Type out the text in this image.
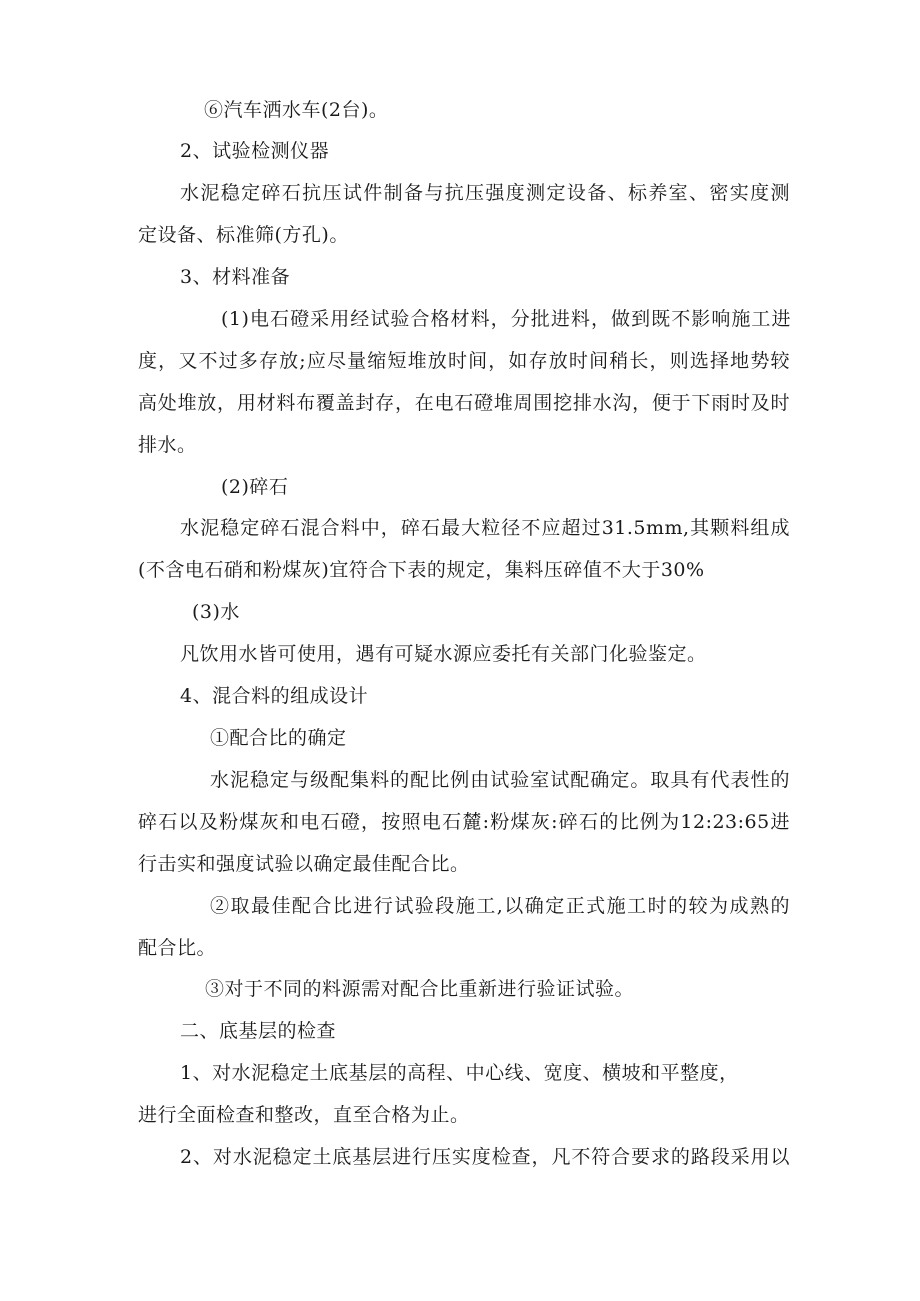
⑥汽车洒水车(2台)。
2、试验检测仪器
水泥稳定碎石抗压试件制备与抗压强度测定设备、标养室、密实度测
定设备、标准筛(方孔)。
3、材料准备
(1)电石磴采用经试验合格材料，分批进料，做到既不影响施工进
度，又不过多存放;应尽量缩短堆放时间，如存放时间稍长，则选择地势较
高处堆放，用材料布覆盖封存，在电石磴堆周围挖排水沟，便于下雨时及时
排水。
(2)碎石
水泥稳定碎石混合料中，碎石最大粒径不应超过31.5mm,其颗料组成
(不含电石硝和粉煤灰)宜符合下表的规定，集料压碎值不大于30%
(3)水
凡饮用水皆可使用，遇有可疑水源应委托有关部门化验鉴定。
4、混合料的组成设计
①配合比的确定
水泥稳定与级配集料的配比例由试验室试配确定。取具有代表性的
碎石以及粉煤灰和电石磴，按照电石麓:粉煤灰:碎石的比例为12:23:65进
行击实和强度试验以确定最佳配合比。
②取最佳配合比进行试验段施工,以确定正式施工时的较为成熟的
配合比。
③对于不同的料源需对配合比重新进行验证试验。
二、底基层的检查
1、对水泥稳定土底基层的高程、中心线、宽度、横坡和平整度，
进行全面检查和整改，直至合格为止。
2、对水泥稳定土底基层进行压实度检查，凡不符合要求的路段采用以
